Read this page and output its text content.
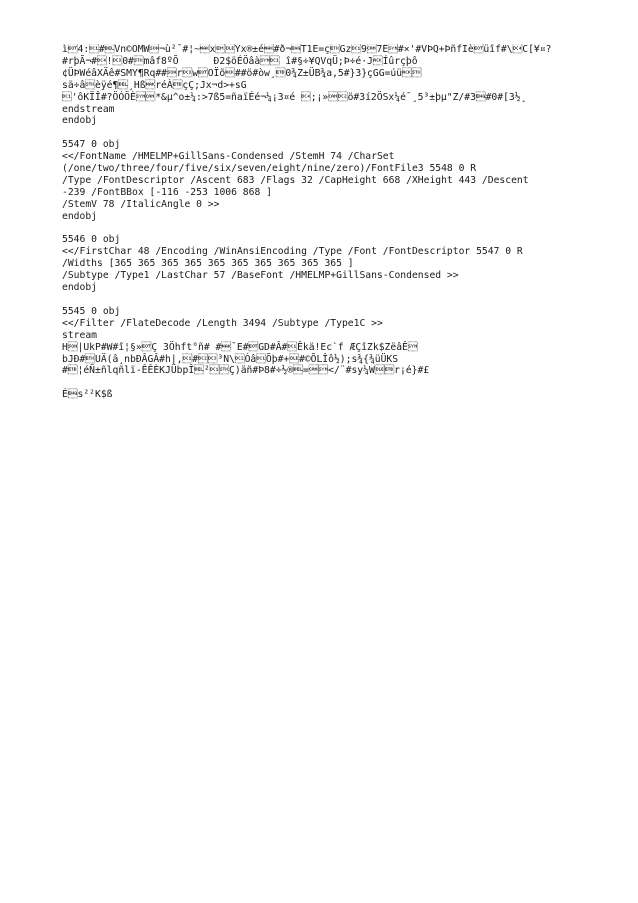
ì4:#Vn©OMW¬ù²¯#¦~xÝx®±é#ð¬T1Ë=çGz97Ê#×'#VÞQ+ÞñfIèüîf#\C[¥¤?
#rþÃ¬#!0#mâf8ºÕ      Ð2$öÉÖâà î#§÷¥QVqÜ;Þ÷é·JÍûrçþô
¢ÜÞWéâXÄê#SMY¶Rq##rwOÏõ##ö#òw¸0¾Z±ÜB¾a,5#}3}çGG=úü
sä÷âèÿé¶¸HßréÀçÇ;Jx¬d>+sG
'ôKÏÎ#?ÖÓÖÈ*&µ^o±¼:>7ß5=ñaïÉé¬¼¡3¤é ;¡»ö#3í2ÖSx¼é¯¸5³±þµ"Z/#3#0#[3½¸
endstream
endobj
5547 0 obj
<</FontName /HMELMP+GillSans-Condensed /StemH 74 /CharSet
(/one/two/three/four/five/six/seven/eight/nine/zero)/FontFile3 5548 0 R
/Type /FontDescriptor /Ascent 683 /Flags 32 /CapHeight 668 /XHeight 443 /Descent
-239 /FontBBox [-116 -253 1006 868 ]
/StemV 78 /ItalicAngle 0 >>
endobj
5546 0 obj
<</FirstChar 48 /Encoding /WinAnsiEncoding /Type /Font /FontDescriptor 5547 0 R
/Widths [365 365 365 365 365 365 365 365 365 365 ]
/Subtype /Type1 /LastChar 57 /BaseFont /HMELMP+GillSans-Condensed >>
endobj
5545 0 obj
<</Filter /FlateDecode /Length 3494 /Subtype /Type1C >>
stream
H|UkP#W#î¦§»Ç 3Öhft°ñ# #¯E#GD#Â#Êkä!Ec`f ÆÇîZk$ZëâÊ
bJÐ#UÄ(â¸nbÐÂGÂ#h|,#³N\ÓâÕþ#+#©ÕLÎô½);s¾{¾üÜKS
#¦éÑ±ñlqñlï-ÊÊÈKJÜbpÎ²Ç)äñ#Þ8#÷½®=</¨#sy¼Wr¡é}#£
És²²K$ß
